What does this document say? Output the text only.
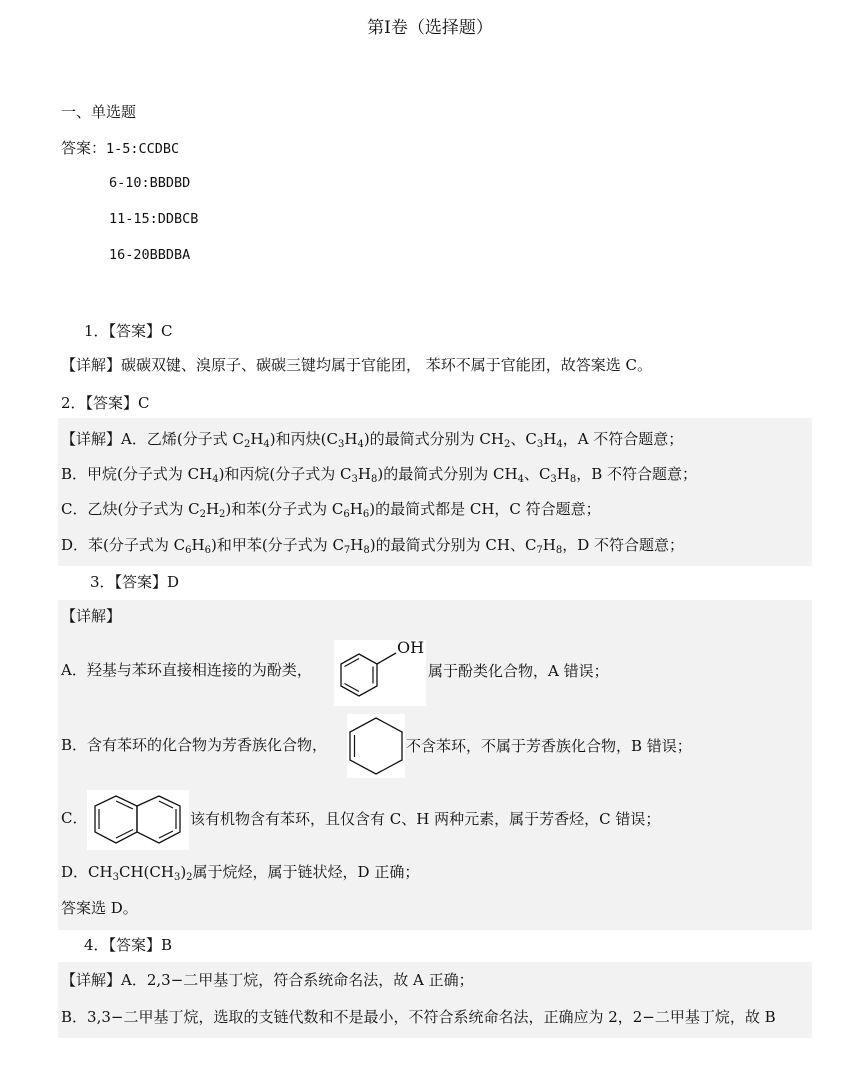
第Ⅰ卷（选择题）
一、单选题
答案：1-5:CCDBC
6-10:BBDBD
11-15:DDBCB
16-20BBDBA
1．【答案】C
【详解】碳碳双键、溴原子、碳碳三键均属于官能团， 苯环不属于官能团，故答案选 C。
2．【答案】C
【详解】A．乙烯(分子式 $C_2H_4$)和丙炔$(C_3H_4)$的最简式分别为 $CH_2$、$C_3H_4$，A 不符合题意；
B．甲烷(分子式为 $CH_4$)和丙烷(分子式为 $C_3H_8$)的最简式分别为 $CH_4$、$C_3H_8$，B 不符合题意；
C．乙炔(分子式为 $C_2H_2$)和苯(分子式为 $C_6H_6$)的最简式都是 CH，C 符合题意；
D．苯(分子式为 $C_6H_6$)和甲苯(分子式为 $C_7H_8$)的最简式分别为 CH、$C_7H_8$，D 不符合题意；
3．【答案】D
【详解】
A．羟基与苯环直接相连接的为酚类，
OH
属于酚类化合物，A 错误；
B．含有苯环的化合物为芳香族化合物，	不含苯环，不属于芳香族化合物，B 错误；
C．	该有机物含有苯环，且仅含有 C、H 两种元素，属于芳香烃，C 错误；
D．$CH_3CH(CH_3)_2$属于烷烃，属于链状烃，D 正确；
答案选 D。
4．【答案】B
【详解】A．2,3−二甲基丁烷，符合系统命名法，故 A 正确；
B．3,3−二甲基丁烷，选取的支链代数和不是最小，不符合系统命名法，正确应为 2，2−二甲基丁烷，故 B
